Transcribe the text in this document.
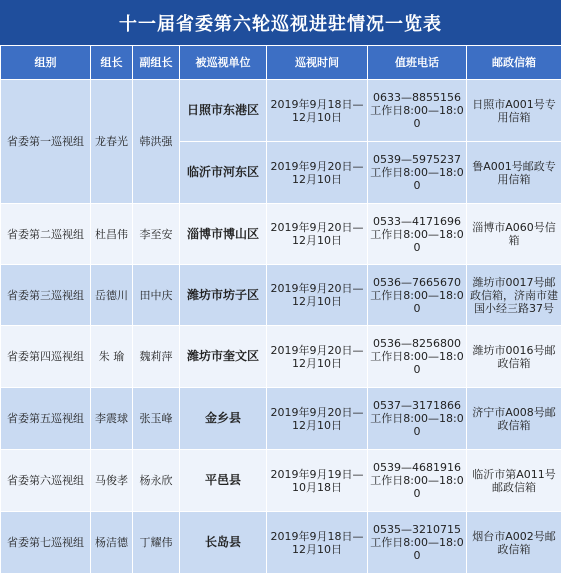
十一届省委第六轮巡视进驻情况一览表
组别	组长	副组长	被巡视单位	巡视时间	值班电话	邮政信箱
省委第一巡视组	龙春光	韩洪强	日照市东港区	2019年9月18日—12月10日	0633—8855156 工作日8:00—18:00	日照市A001号专用信箱
			临沂市河东区	2019年9月20日—12月10日	0539—5975237 工作日8:00—18:00	鲁A001号邮政专用信箱
省委第二巡视组	杜昌伟	李至安	淄博市博山区	2019年9月20日—12月10日	0533—4171696 工作日8:00—18:00	淄博市A060号信箱
省委第三巡视组	岳德川	田中庆	潍坊市坊子区	2019年9月20日—12月10日	0536—7665670 工作日8:00—18:00	潍坊市0017号邮政信箱，济南市建国小经三路37号
省委第四巡视组	朱 瑜	魏莉萍	潍坊市奎文区	2019年9月20日—12月10日	0536—8256800 工作日8:00—18:00	潍坊市0016号邮政信箱
省委第五巡视组	李震球	张玉峰	金乡县	2019年9月20日—12月10日	0537—3171866 工作日8:00—18:00	济宁市A008号邮政信箱
省委第六巡视组	马俊孝	杨永欣	平邑县	2019年9月19日—10月18日	0539—4681916 工作日8:00—18:00	临沂市第A011号邮政信箱
省委第七巡视组	杨洁德	丁耀伟	长岛县	2019年9月18日—12月10日	0535—3210715 工作日8:00—18:00	烟台市A002号邮政信箱
